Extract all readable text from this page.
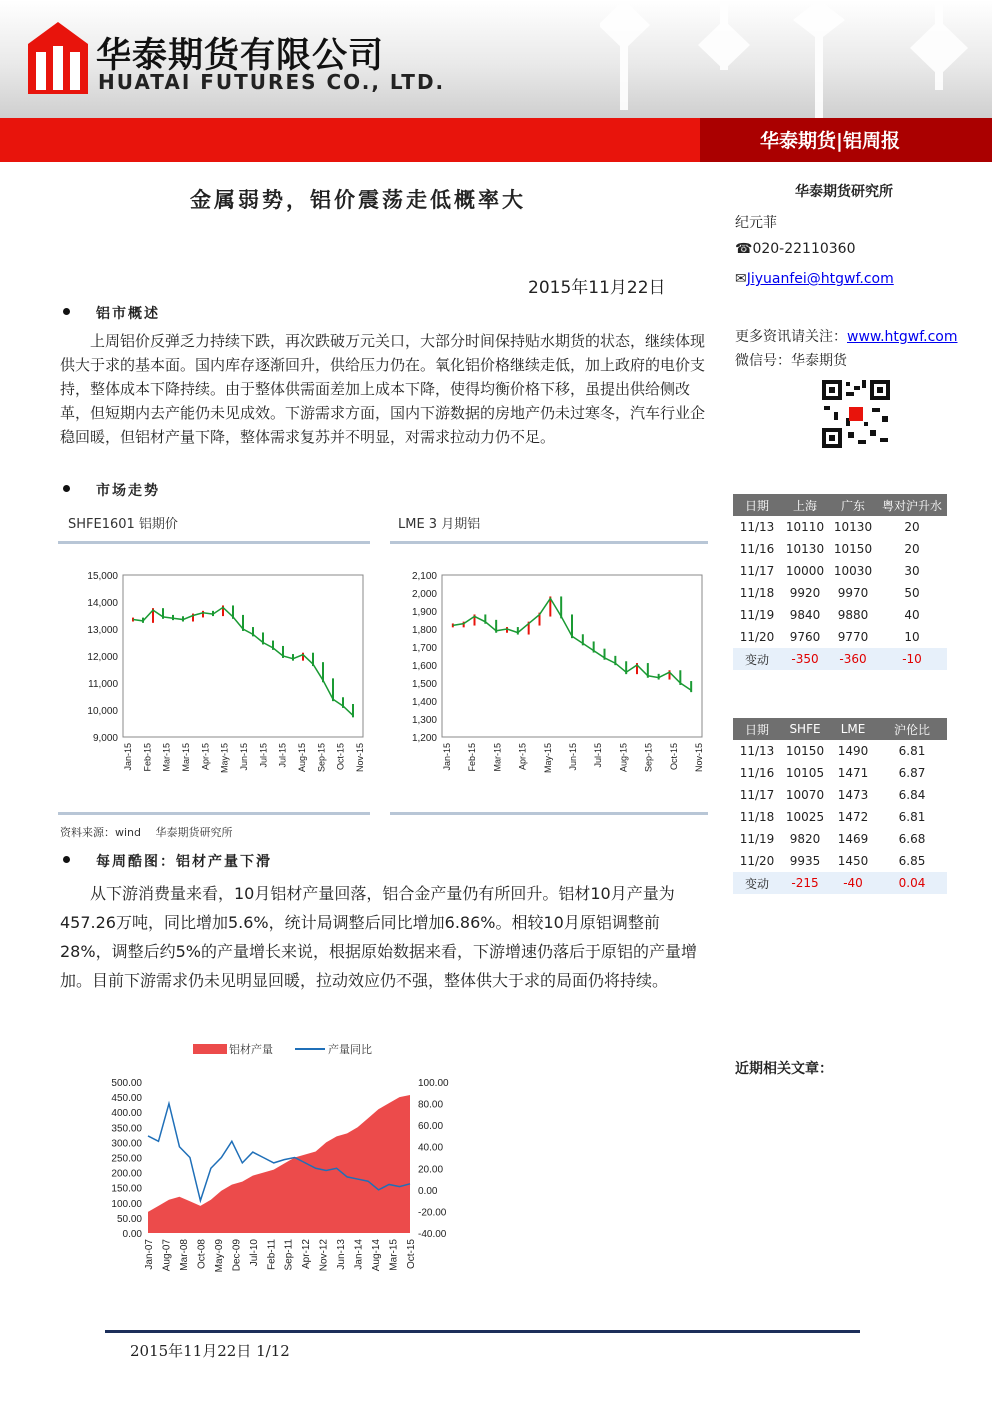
华泰期货有限公司
HUATAI FUTURES CO., LTD.
华泰期货|铝周报
金属弱势，铝价震荡走低概率大
2015年11月22日
华泰期货研究所
纪元菲
☎020-22110360
✉Jiyuanfei@htgwf.com
更多资讯请关注：www.htgwf.com
微信号：华泰期货
日期	上海	广东	粤对沪升水
11/13	10110	10130	20
11/16	10130	10150	20
11/17	10000	10030	30
11/18	9920	9970	50
11/19	9840	9880	40
11/20	9760	9770	10
变动	-350	-360	-10
日期	SHFE	LME	沪伦比
11/13	10150	1490	6.81
11/16	10105	1471	6.87
11/17	10070	1473	6.84
11/18	10025	1472	6.81
11/19	9820	1469	6.68
11/20	9935	1450	6.85
变动	-215	-40	0.04
近期相关文章：
铝市概述
上周铝价反弹乏力持续下跌，再次跌破万元关口，大部分时间保持贴水期货的状态，继续体现供大于求的基本面。国内库存逐渐回升，供给压力仍在。氧化铝价格继续走低，加上政府的电价支持，整体成本下降持续。由于整体供需面差加上成本下降，使得均衡价格下移，虽提出供给侧改革，但短期内去产能仍未见成效。下游需求方面，国内下游数据的房地产仍未过寒冬，汽车行业企稳回暖，但铝材产量下降，整体需求复苏并不明显，对需求拉动力仍不足。
市场走势
SHFE1601 铝期价	LME 3 月期铝
15,000
14,000
13,000
12,000
11,000
10,000
9,000
Jan-15 Feb-15 Mar-15 Mar-15 Apr-15 May-15 Jun-15 Jul-15 Jul-15 Aug-15 Sep-15 Oct-15 Nov-15
2,100
2,000
1,900
1,800
1,700
1,600
1,500
1,400
1,300
1,200
Jan-15 Feb-15 Mar-15 Apr-15 May-15 Jun-15 Jul-15 Aug-15 Sep-15 Oct-15 Nov-15
资料来源：wind　 华泰期货研究所
每周酷图：铝材产量下滑
从下游消费量来看，10月铝材产量回落，铝合金产量仍有所回升。铝材10月产量为457.26万吨，同比增加5.6%，统计局调整后同比增加6.86%。相较10月原铝调整前28%，调整后约5%的产量增长来说，根据原始数据来看，下游增速仍落后于原铝的产量增加。目前下游需求仍未见明显回暖，拉动效应仍不强，整体供大于求的局面仍将持续。
500.00
450.00
400.00
350.00
300.00
250.00
200.00
150.00
100.00
50.00
0.00
100.00
80.00
60.00
40.00
20.00
0.00
-20.00
-40.00
铝材产量	产量同比
Jan-07 Aug-07 Mar-08 Oct-08 May-09 Dec-09 Jul-10 Feb-11 Sep-11 Apr-12 Nov-12 Jun-13 Jan-14 Aug-14 Mar-15 Oct-15
2015年11月22日 1/12
